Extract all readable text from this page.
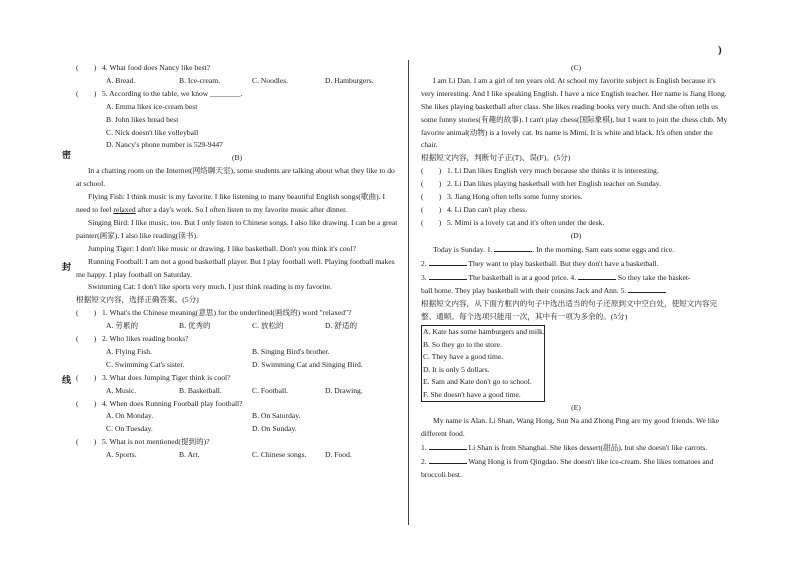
)
密
封
线
(　　) 4. What food does Nancy like best?
A. Bread.	B. Ice-cream.	C. Noodles.	D. Hamburgers.
(　　) 5. According to the table, we know ________.
A. Emma likes ice-cream best
B. John likes bread best
C. Nick doesn't like volleyball
D. Nancy's phone number is 529-9447
(B)
In a chatting room on the Internet(网络聊天室), some students are talking about what they like to do at school.
Flying Fish: I think music is my favorite. I like listening to many beautiful English songs(歌曲). I need to feel relaxed after a day's work. So I often listen to my favorite music after dinner.
Singing Bird: I like music, too. But I only listen to Chinese songs. I also like drawing. I can be a great painter(画家). I also like reading(读书).
Jumping Tiger: I don't like music or drawing. I like basketball. Don't you think it's cool?
Running Football: I am not a good basketball player. But I play football well. Playing football makes me happy. I play football on Saturday.
Swimming Cat: I don't like sports very much. I just think reading is my favorite.
根据短文内容，选择正确答案。(5分)
(　　) 1. What's the Chinese meaning(意思) for the underlined(画线的) word "relaxed"?
A. 劳累的	B. 优秀的	C. 放松的	D. 舒适的
(　　) 2. Who likes reading books?
A. Flying Fish.	B. Singing Bird's brother.
C. Swimming Cat's sister.	D. Swimming Cat and Singing Bird.
(　　) 3. What does Jumping Tiger think is cool?
A. Music.	B. Basketball.	C. Football.	D. Drawing.
(　　) 4. When does Running Football play football?
A. On Monday.	B. On Saturday.
C. On Tuesday.	D. On Sunday.
(　　) 5. What is not mentioned(提到的)?
A. Sports.	B. Art.	C. Chinese songs.	D. Food.
(C)
I am Li Dan. I am a girl of ten years old. At school my favorite subject is English because it's very interesting. And I like speaking English. I have a nice English teacher. Her name is Jiang Hong. She likes playing basketball after class. She likes reading books very much. And she often tells us some funny stories(有趣的故事). I can't play chess(国际象棋), but I want to join the chess club. My favorite animal(动物) is a lovely cat. Its name is Mimi. It is white and black. It's often under the chair.
根据短文内容，判断句子正(T)、误(F)。(5分)
(　　) 1. Li Dan likes English very much because she thinks it is interesting.
(　　) 2. Li Dan likes playing basketball with her English teacher on Sunday.
(　　) 3. Jiang Hong often tells some funny stories.
(　　) 4. Li Dan can't play chess.
(　　) 5. Mimi is a lovely cat and it's often under the desk.
(D)
Today is Sunday. 1.	. In the morning, Sam eats some eggs and rice.
2.	They want to play basketball. But they don't have a basketball.
3.	The basketball is at a good price. 4.	So they take the basket-
ball home. They play basketball with their cousins Jack and Ann. 5.
根据短文内容，从下面方框内的句子中选出适当的句子还原到文中空白处，使短文内容完整、通顺。每个选项只能用一次，其中有一项为多余的。(5分)
A. Kate has some hamburgers and milk.
B. So they go to the store.
C. They have a good time.
D. It is only 5 dollars.
E. Sam and Kate don't go to school.
F. She doesn't have a good time.
(E)
My name is Alan. Li Shan, Wang Hong, Sun Na and Zhong Ping are my good friends. We like different food.
1.	Li Shan is from Shanghai. She likes dessert(甜品), but she doesn't like carrots.
2.	Wang Hong is from Qingdao. She doesn't like ice-cream. She likes tomatoes and broccoli best.
